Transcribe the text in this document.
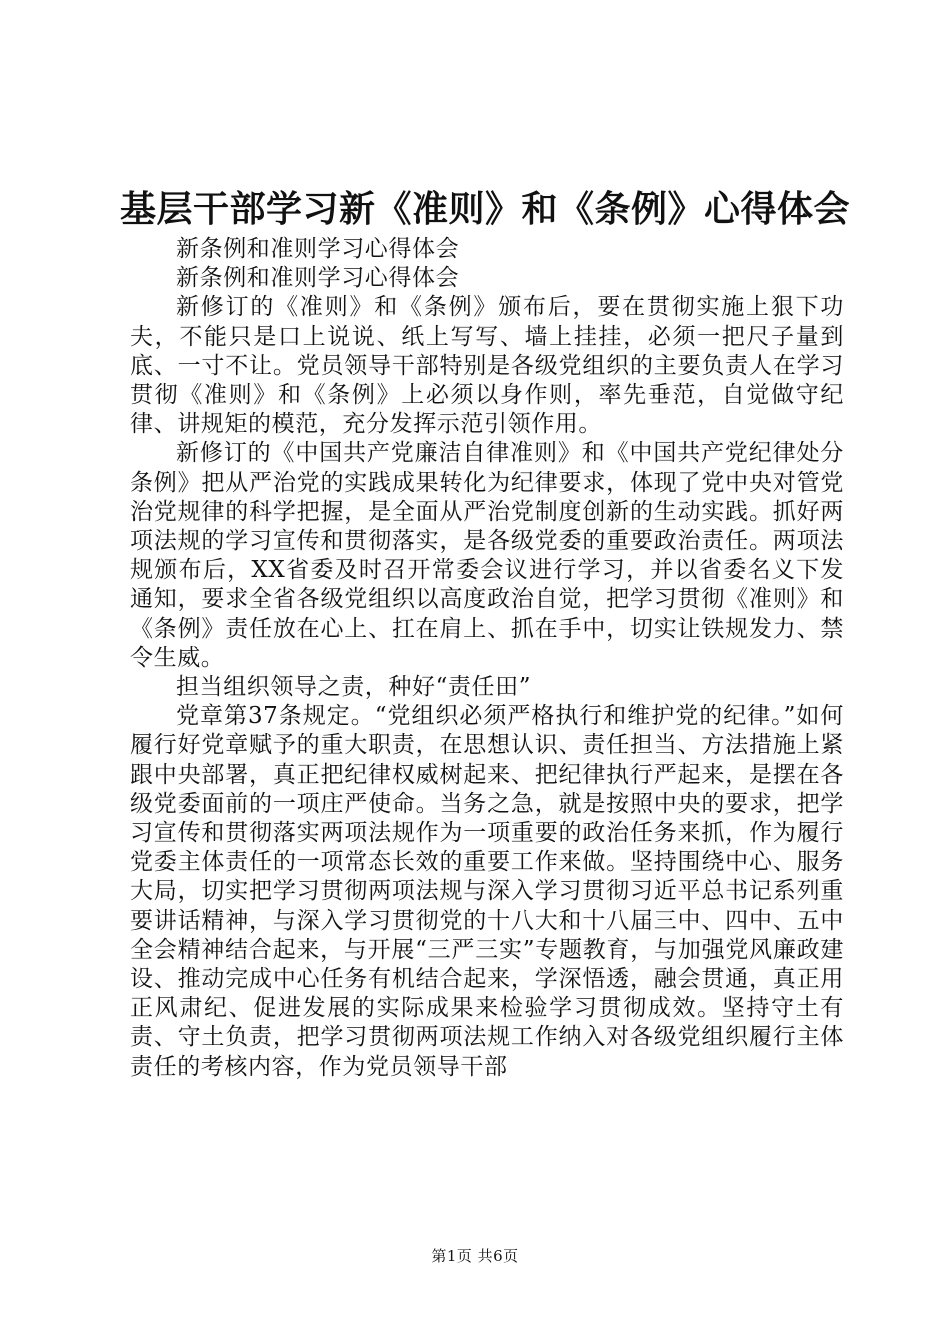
基层干部学习新《准则》和《条例》心得体会

新条例和准则学习心得体会

新条例和准则学习心得体会

新修订的《准则》和《条例》颁布后，要在贯彻实施上狠下功夫，不能只是口上说说、纸上写写、墙上挂挂，必须一把尺子量到底、一寸不让。党员领导干部特别是各级党组织的主要负责人在学习贯彻《准则》和《条例》上必须以身作则，率先垂范，自觉做守纪律、讲规矩的模范，充分发挥示范引领作用。

新修订的《中国共产党廉洁自律准则》和《中国共产党纪律处分条例》把从严治党的实践成果转化为纪律要求，体现了党中央对管党治党规律的科学把握，是全面从严治党制度创新的生动实践。抓好两项法规的学习宣传和贯彻落实，是各级党委的重要政治责任。两项法规颁布后，XX省委及时召开常委会议进行学习，并以省委名义下发通知，要求全省各级党组织以高度政治自觉，把学习贯彻《准则》和《条例》责任放在心上、扛在肩上、抓在手中，切实让铁规发力、禁令生威。

担当组织领导之责，种好“责任田”

党章第37条规定。“党组织必须严格执行和维护党的纪律。”如何履行好党章赋予的重大职责，在思想认识、责任担当、方法措施上紧跟中央部署，真正把纪律权威树起来、把纪律执行严起来，是摆在各级党委面前的一项庄严使命。当务之急，就是按照中央的要求，把学习宣传和贯彻落实两项法规作为一项重要的政治任务来抓，作为履行党委主体责任的一项常态长效的重要工作来做。坚持围绕中心、服务大局，切实把学习贯彻两项法规与深入学习贯彻习近平总书记系列重要讲话精神，与深入学习贯彻党的十八大和十八届三中、四中、五中全会精神结合起来，与开展“三严三实”专题教育，与加强党风廉政建设、推动完成中心任务有机结合起来，学深悟透，融会贯通，真正用正风肃纪、促进发展的实际成果来检验学习贯彻成效。坚持守土有责、守土负责，把学习贯彻两项法规工作纳入对各级党组织履行主体责任的考核内容，作为党员领导干部

第1页 共6页
